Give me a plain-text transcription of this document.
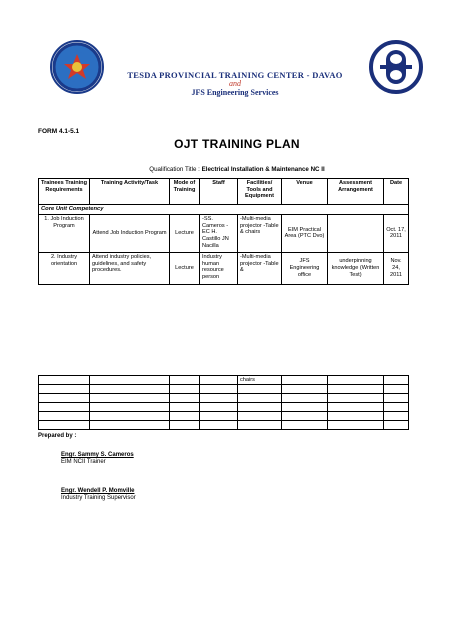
TESDA PROVINCIAL TRAINING CENTER - DAVAO
and
JFS Engineering Services
FORM 4.1-5.1
OJT TRAINING PLAN
Qualification Title : Electrical Installation & Maintenance NC II
Trainees Training Requirements	Training Activity/Task	Mode of Training	Staff	Facilities/ Tools and Equipment	Venue	Assessment Arrangement	Date
Core Unit Competency							
1. Job Induction Program	Attend Job Induction Program	Lecture	-SS. Cameros -EC H. Castillo JN Nacilla	-Multi-media projector -Table & chairs	EIM Practical Area (PTC Dvo)		Oct. 17, 2011
2. Industry orientation	Attend industry policies, guidelines, and safety procedures.	Lecture	Industry human resource person	-Multi-media projector -Table &	JFS Engineering office	underpinning knowledge (Written Test)	Nov. 24, 2011
				chairs			

Prepared by :
Engr. Sammy S. Cameros
EIM NCII Trainer
Engr. Wendell P. Momville
Industry Training Supervisor
